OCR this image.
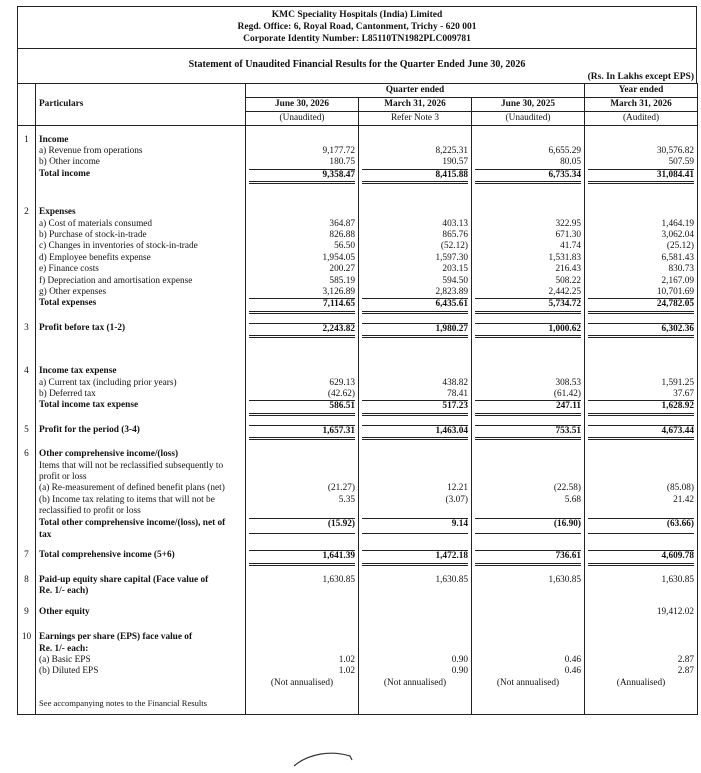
KMC Speciality Hospitals (India) Limited
Regd. Office: 6, Royal Road, Cantonment, Trichy - 620 001
Corporate Identity Number: L85110TN1982PLC009781
Statement of Unaudited Financial Results for the Quarter Ended June 30, 2026
(Rs. In Lakhs except EPS)
	Particulars	Quarter ended			Year ended
		June 30, 2026	March 31, 2026	June 30, 2025	March 31, 2026
		(Unaudited)	Refer Note 3	(Unaudited)	(Audited)

1	Income				
	a) Revenue from operations	9,177.72	8,225.31	6,655.29	30,576.82
	b) Other income	180.75	190.57	80.05	507.59
	Total income	9,358.47	8,415.88	6,735.34	31,084.41

2	Expenses				
	a) Cost of materials consumed	364.87	403.13	322.95	1,464.19
	b) Purchase of stock-in-trade	826.88	865.76	671.30	3,062.04
	c) Changes in inventories of stock-in-trade	56.50	(52.12)	41.74	(25.12)
	d) Employee benefits expense	1,954.05	1,597.30	1,531.83	6,581.43
	e) Finance costs	200.27	203.15	216.43	830.73
	f) Depreciation and amortisation expense	585.19	594.50	508.22	2,167.09
	g) Other expenses	3,126.89	2,823.89	2,442.25	10,701.69
	Total expenses	7,114.65	6,435.61	5,734.72	24,782.05

3	Profit before tax (1-2)	2,243.82	1,980.27	1,000.62	6,302.36

4	Income tax expense				
	a) Current tax (including prior years)	629.13	438.82	308.53	1,591.25
	b) Deferred tax	(42.62)	78.41	(61.42)	37.67
	Total income tax expense	586.51	517.23	247.11	1,628.92

5	Profit for the period (3-4)	1,657.31	1,463.04	753.51	4,673.44

6	Other comprehensive income/(loss)				
	Items that will not be reclassified subsequently to				
	profit or loss				
	(a) Re-measurement of defined benefit plans (net)	(21.27)	12.21	(22.58)	(85.08)
	(b) Income tax relating to items that will not be	5.35	(3.07)	5.68	21.42
	reclassified to profit or loss				
	Total other comprehensive income/(loss), net of	(15.92)	9.14	(16.90)	(63.66)

	tax	

7	Total comprehensive income (5+6)	1,641.39	1,472.18	736.61	4,609.78

8	Paid-up equity share capital (Face value of	1,630.85	1,630.85	1,630.85	1,630.85
	Re. 1/- each)				

9	Other equity				19,412.02

10	Earnings per share (EPS) face value of				
	Re. 1/- each:				
	(a) Basic EPS	1.02	0.90	0.46	2.87
	(b) Diluted EPS	1.02	0.90	0.46	2.87
		(Not annualised)	(Not annualised)	(Not annualised)	(Annualised)

	See accompanying notes to the Financial Results				
